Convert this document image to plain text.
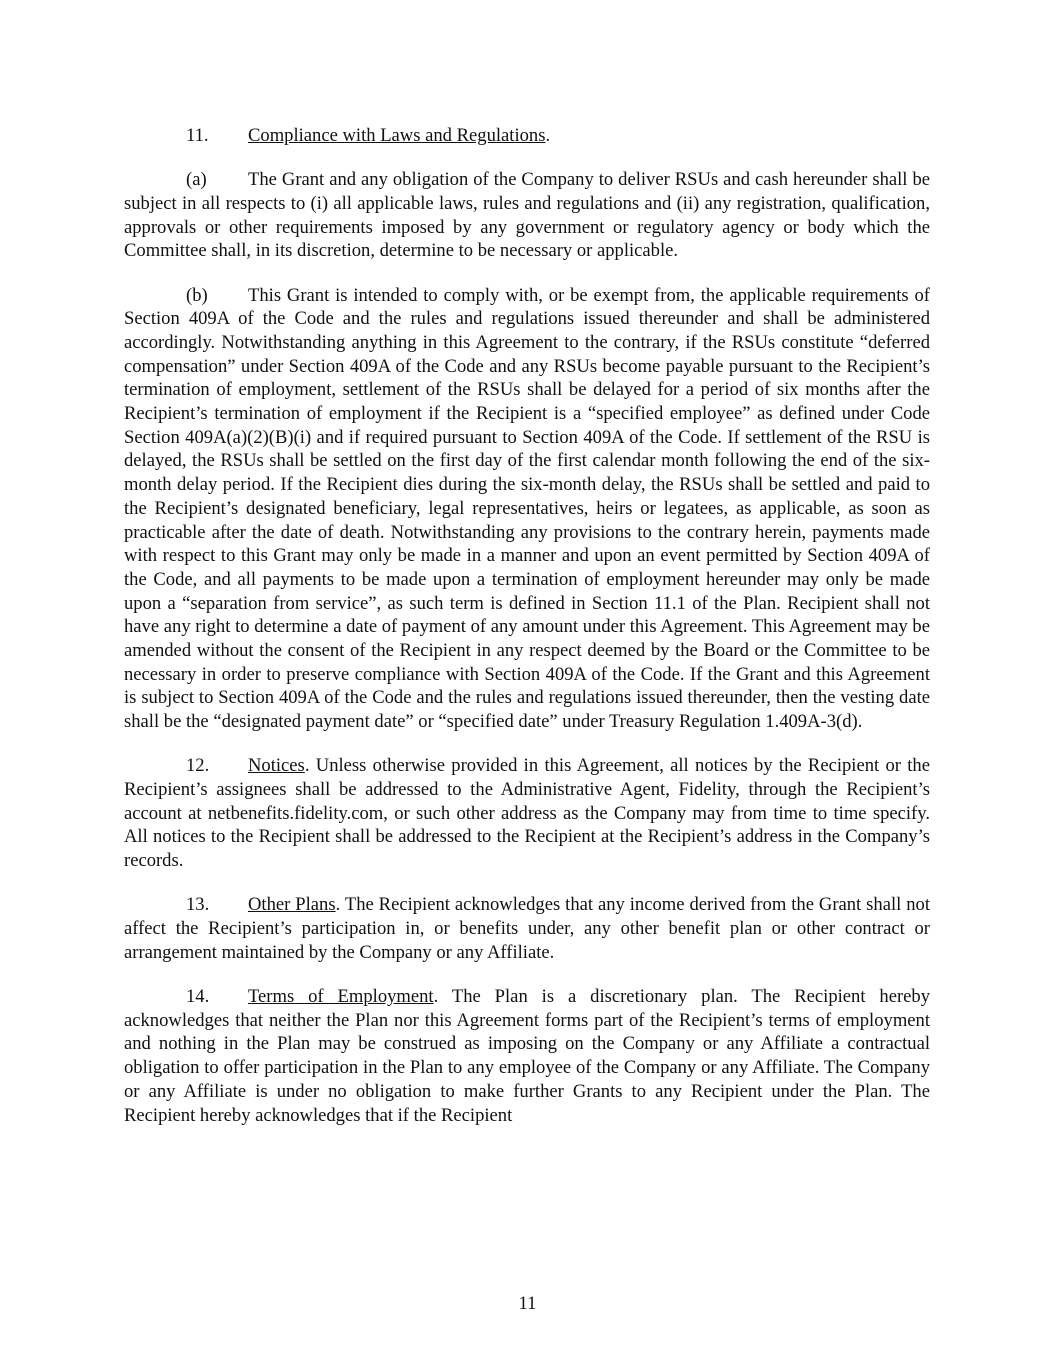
11. Compliance with Laws and Regulations.

(a) The Grant and any obligation of the Company to deliver RSUs and cash hereunder shall be subject in all respects to (i) all applicable laws, rules and regulations and (ii) any registration, qualification, approvals or other requirements imposed by any government or regulatory agency or body which the Committee shall, in its discretion, determine to be necessary or applicable.

(b) This Grant is intended to comply with, or be exempt from, the applicable requirements of Section 409A of the Code and the rules and regulations issued thereunder and shall be administered accordingly. Notwithstanding anything in this Agreement to the contrary, if the RSUs constitute “deferred compensation” under Section 409A of the Code and any RSUs become payable pursuant to the Recipient’s termination of employment, settlement of the RSUs shall be delayed for a period of six months after the Recipient’s termination of employment if the Recipient is a “specified employee” as defined under Code Section 409A(a)(2)(B)(i) and if required pursuant to Section 409A of the Code. If settlement of the RSU is delayed, the RSUs shall be settled on the first day of the first calendar month following the end of the six-month delay period. If the Recipient dies during the six-month delay, the RSUs shall be settled and paid to the Recipient’s designated beneficiary, legal representatives, heirs or legatees, as applicable, as soon as practicable after the date of death. Notwithstanding any provisions to the contrary herein, payments made with respect to this Grant may only be made in a manner and upon an event permitted by Section 409A of the Code, and all payments to be made upon a termination of employment hereunder may only be made upon a “separation from service”, as such term is defined in Section 11.1 of the Plan. Recipient shall not have any right to determine a date of payment of any amount under this Agreement. This Agreement may be amended without the consent of the Recipient in any respect deemed by the Board or the Committee to be necessary in order to preserve compliance with Section 409A of the Code. If the Grant and this Agreement is subject to Section 409A of the Code and the rules and regulations issued thereunder, then the vesting date shall be the “designated payment date” or “specified date” under Treasury Regulation 1.409A-3(d).

12. Notices. Unless otherwise provided in this Agreement, all notices by the Recipient or the Recipient’s assignees shall be addressed to the Administrative Agent, Fidelity, through the Recipient’s account at netbenefits.fidelity.com, or such other address as the Company may from time to time specify. All notices to the Recipient shall be addressed to the Recipient at the Recipient’s address in the Company’s records.

13. Other Plans. The Recipient acknowledges that any income derived from the Grant shall not affect the Recipient’s participation in, or benefits under, any other benefit plan or other contract or arrangement maintained by the Company or any Affiliate.

14. Terms of Employment. The Plan is a discretionary plan. The Recipient hereby acknowledges that neither the Plan nor this Agreement forms part of the Recipient’s terms of employment and nothing in the Plan may be construed as imposing on the Company or any Affiliate a contractual obligation to offer participation in the Plan to any employee of the Company or any Affiliate. The Company or any Affiliate is under no obligation to make further Grants to any Recipient under the Plan. The Recipient hereby acknowledges that if the Recipient

11
